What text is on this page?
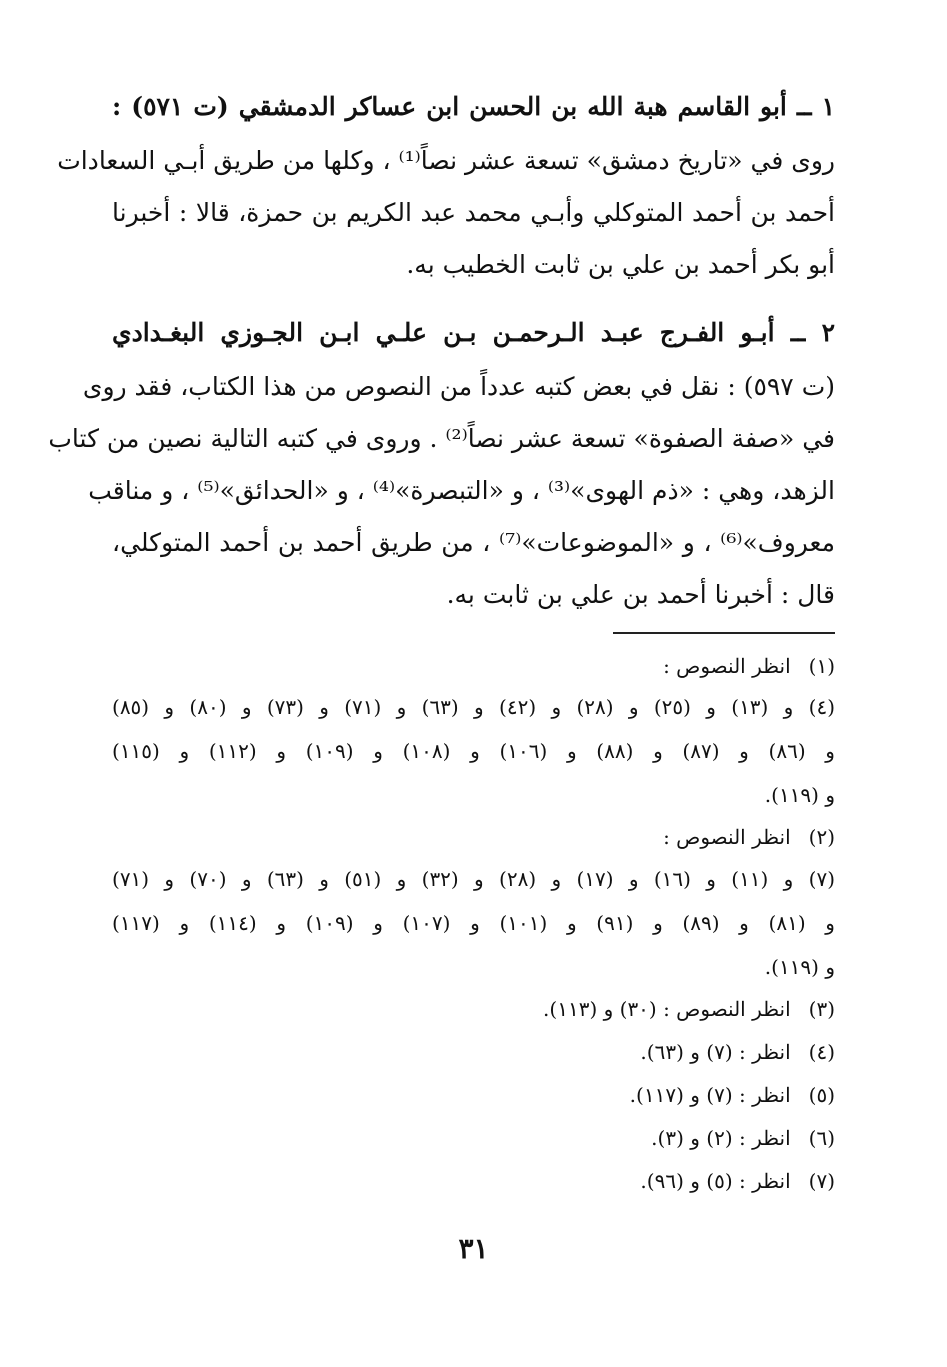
١ ــ أبو القاسم هبة الله بن الحسن ابن عساكر الدمشقي (ت ٥٧١) :
روى في «تاريخ دمشق» تسعة عشر نصاً⁽¹⁾ ، وكلها من طريق أبـي السعادات
أحمد بن أحمد المتوكلي وأبـي محمد عبد الكريم بن حمزة، قالا : أخبرنا
أبو بكر أحمد بن علي بن ثابت الخطيب به.
٢ ــ أبـو الفـرج عبـد الـرحمـن بـن علـي ابـن الجـوزي البغـدادي
(ت ٥٩٧) : نقل في بعض كتبه عدداً من النصوص من هذا الكتاب، فقد روى
في «صفة الصفوة» تسعة عشر نصاً⁽²⁾ . وروى في كتبه التالية نصين من كتاب
الزهد، وهي : «ذم الهوى»⁽³⁾ ، و «التبصرة»⁽⁴⁾ ، و «الحدائق»⁽⁵⁾ ، و مناقب
معروف»⁽⁶⁾ ، و «الموضوعات»⁽⁷⁾ ، من طريق أحمد بن أحمد المتوكلي،
قال : أخبرنا أحمد بن علي بن ثابت به.
(١) انظر النصوص :
(٤) و (١٣) و (٢٥) و (٢٨) و (٤٢) و (٦٣) و (٧١) و (٧٣) و (٨٠) و (٨٥)
و (٨٦) و (٨٧) و (٨٨) و (١٠٦) و (١٠٨) و (١٠٩) و (١١٢) و (١١٥)
و (١١٩).
(٢) انظر النصوص :
(٧) و (١١) و (١٦) و (١٧) و (٢٨) و (٣٢) و (٥١) و (٦٣) و (٧٠) و (٧١)
و (٨١) و (٨٩) و (٩١) و (١٠١) و (١٠٧) و (١٠٩) و (١١٤) و (١١٧)
و (١١٩).
(٣) انظر النصوص : (٣٠) و (١١٣).
(٤) انظر : (٧) و (٦٣).
(٥) انظر : (٧) و (١١٧).
(٦) انظر : (٢) و (٣).
(٧) انظر : (٥) و (٩٦).
٣١
